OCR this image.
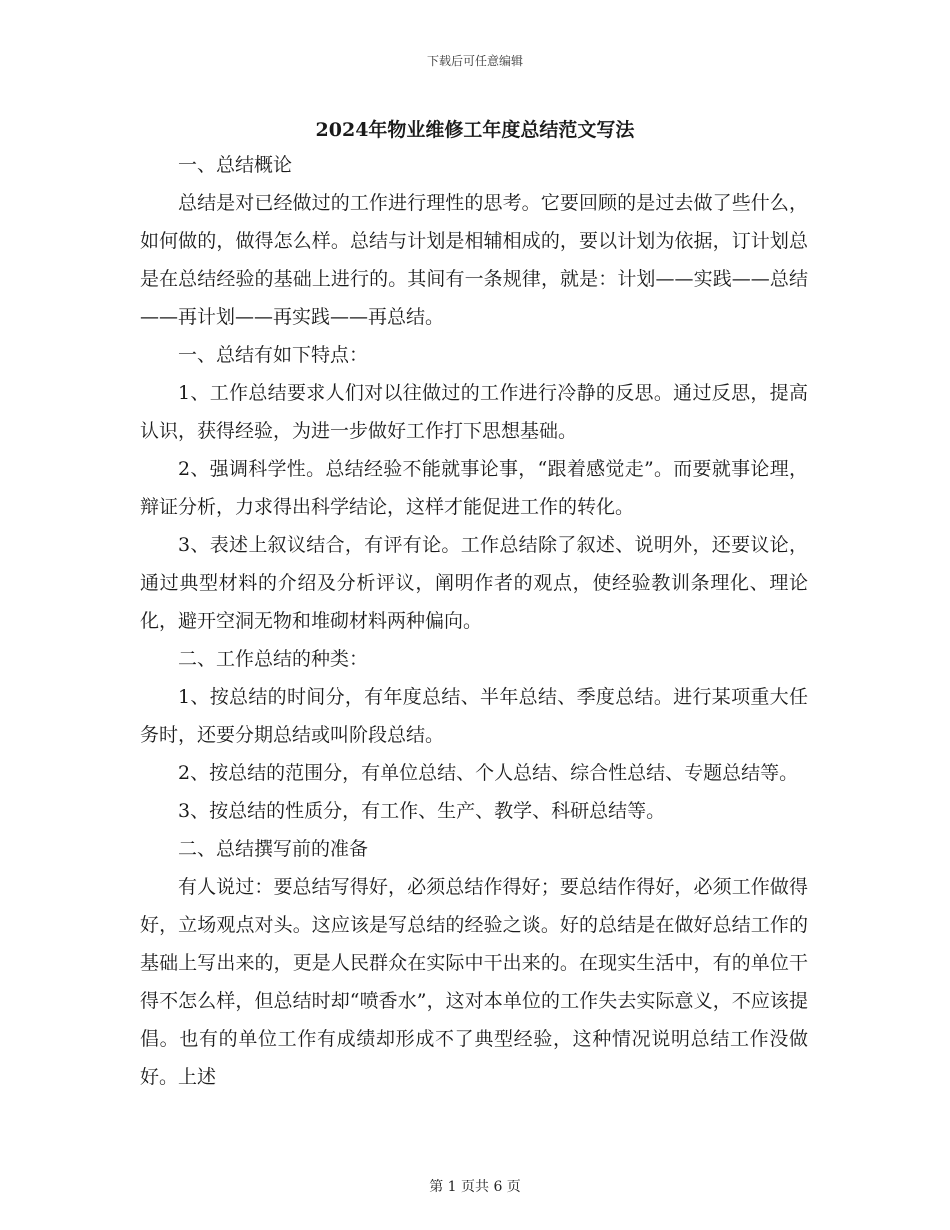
下载后可任意编辑
2024年物业维修工年度总结范文写法

一、总结概论

总结是对已经做过的工作进行理性的思考。它要回顾的是过去做了些什么，如何做的，做得怎么样。总结与计划是相辅相成的，要以计划为依据，订计划总是在总结经验的基础上进行的。其间有一条规律，就是：计划——实践——总结——再计划——再实践——再总结。

一、总结有如下特点：

1、工作总结要求人们对以往做过的工作进行冷静的反思。通过反思，提高认识，获得经验，为进一步做好工作打下思想基础。

2、强调科学性。总结经验不能就事论事，“跟着感觉走”。而要就事论理，辩证分析，力求得出科学结论，这样才能促进工作的转化。

3、表述上叙议结合，有评有论。工作总结除了叙述、说明外，还要议论，通过典型材料的介绍及分析评议，阐明作者的观点，使经验教训条理化、理论化，避开空洞无物和堆砌材料两种偏向。

二、工作总结的种类：

1、按总结的时间分，有年度总结、半年总结、季度总结。进行某项重大任务时，还要分期总结或叫阶段总结。

2、按总结的范围分，有单位总结、个人总结、综合性总结、专题总结等。

3、按总结的性质分，有工作、生产、教学、科研总结等。

二、总结撰写前的准备

有人说过：要总结写得好，必须总结作得好；要总结作得好，必须工作做得好，立场观点对头。这应该是写总结的经验之谈。好的总结是在做好总结工作的基础上写出来的，更是人民群众在实际中干出来的。在现实生活中，有的单位干得不怎么样，但总结时却“喷香水”，这对本单位的工作失去实际意义，不应该提倡。也有的单位工作有成绩却形成不了典型经验，这种情况说明总结工作没做好。上述

第 1 页共 6 页
